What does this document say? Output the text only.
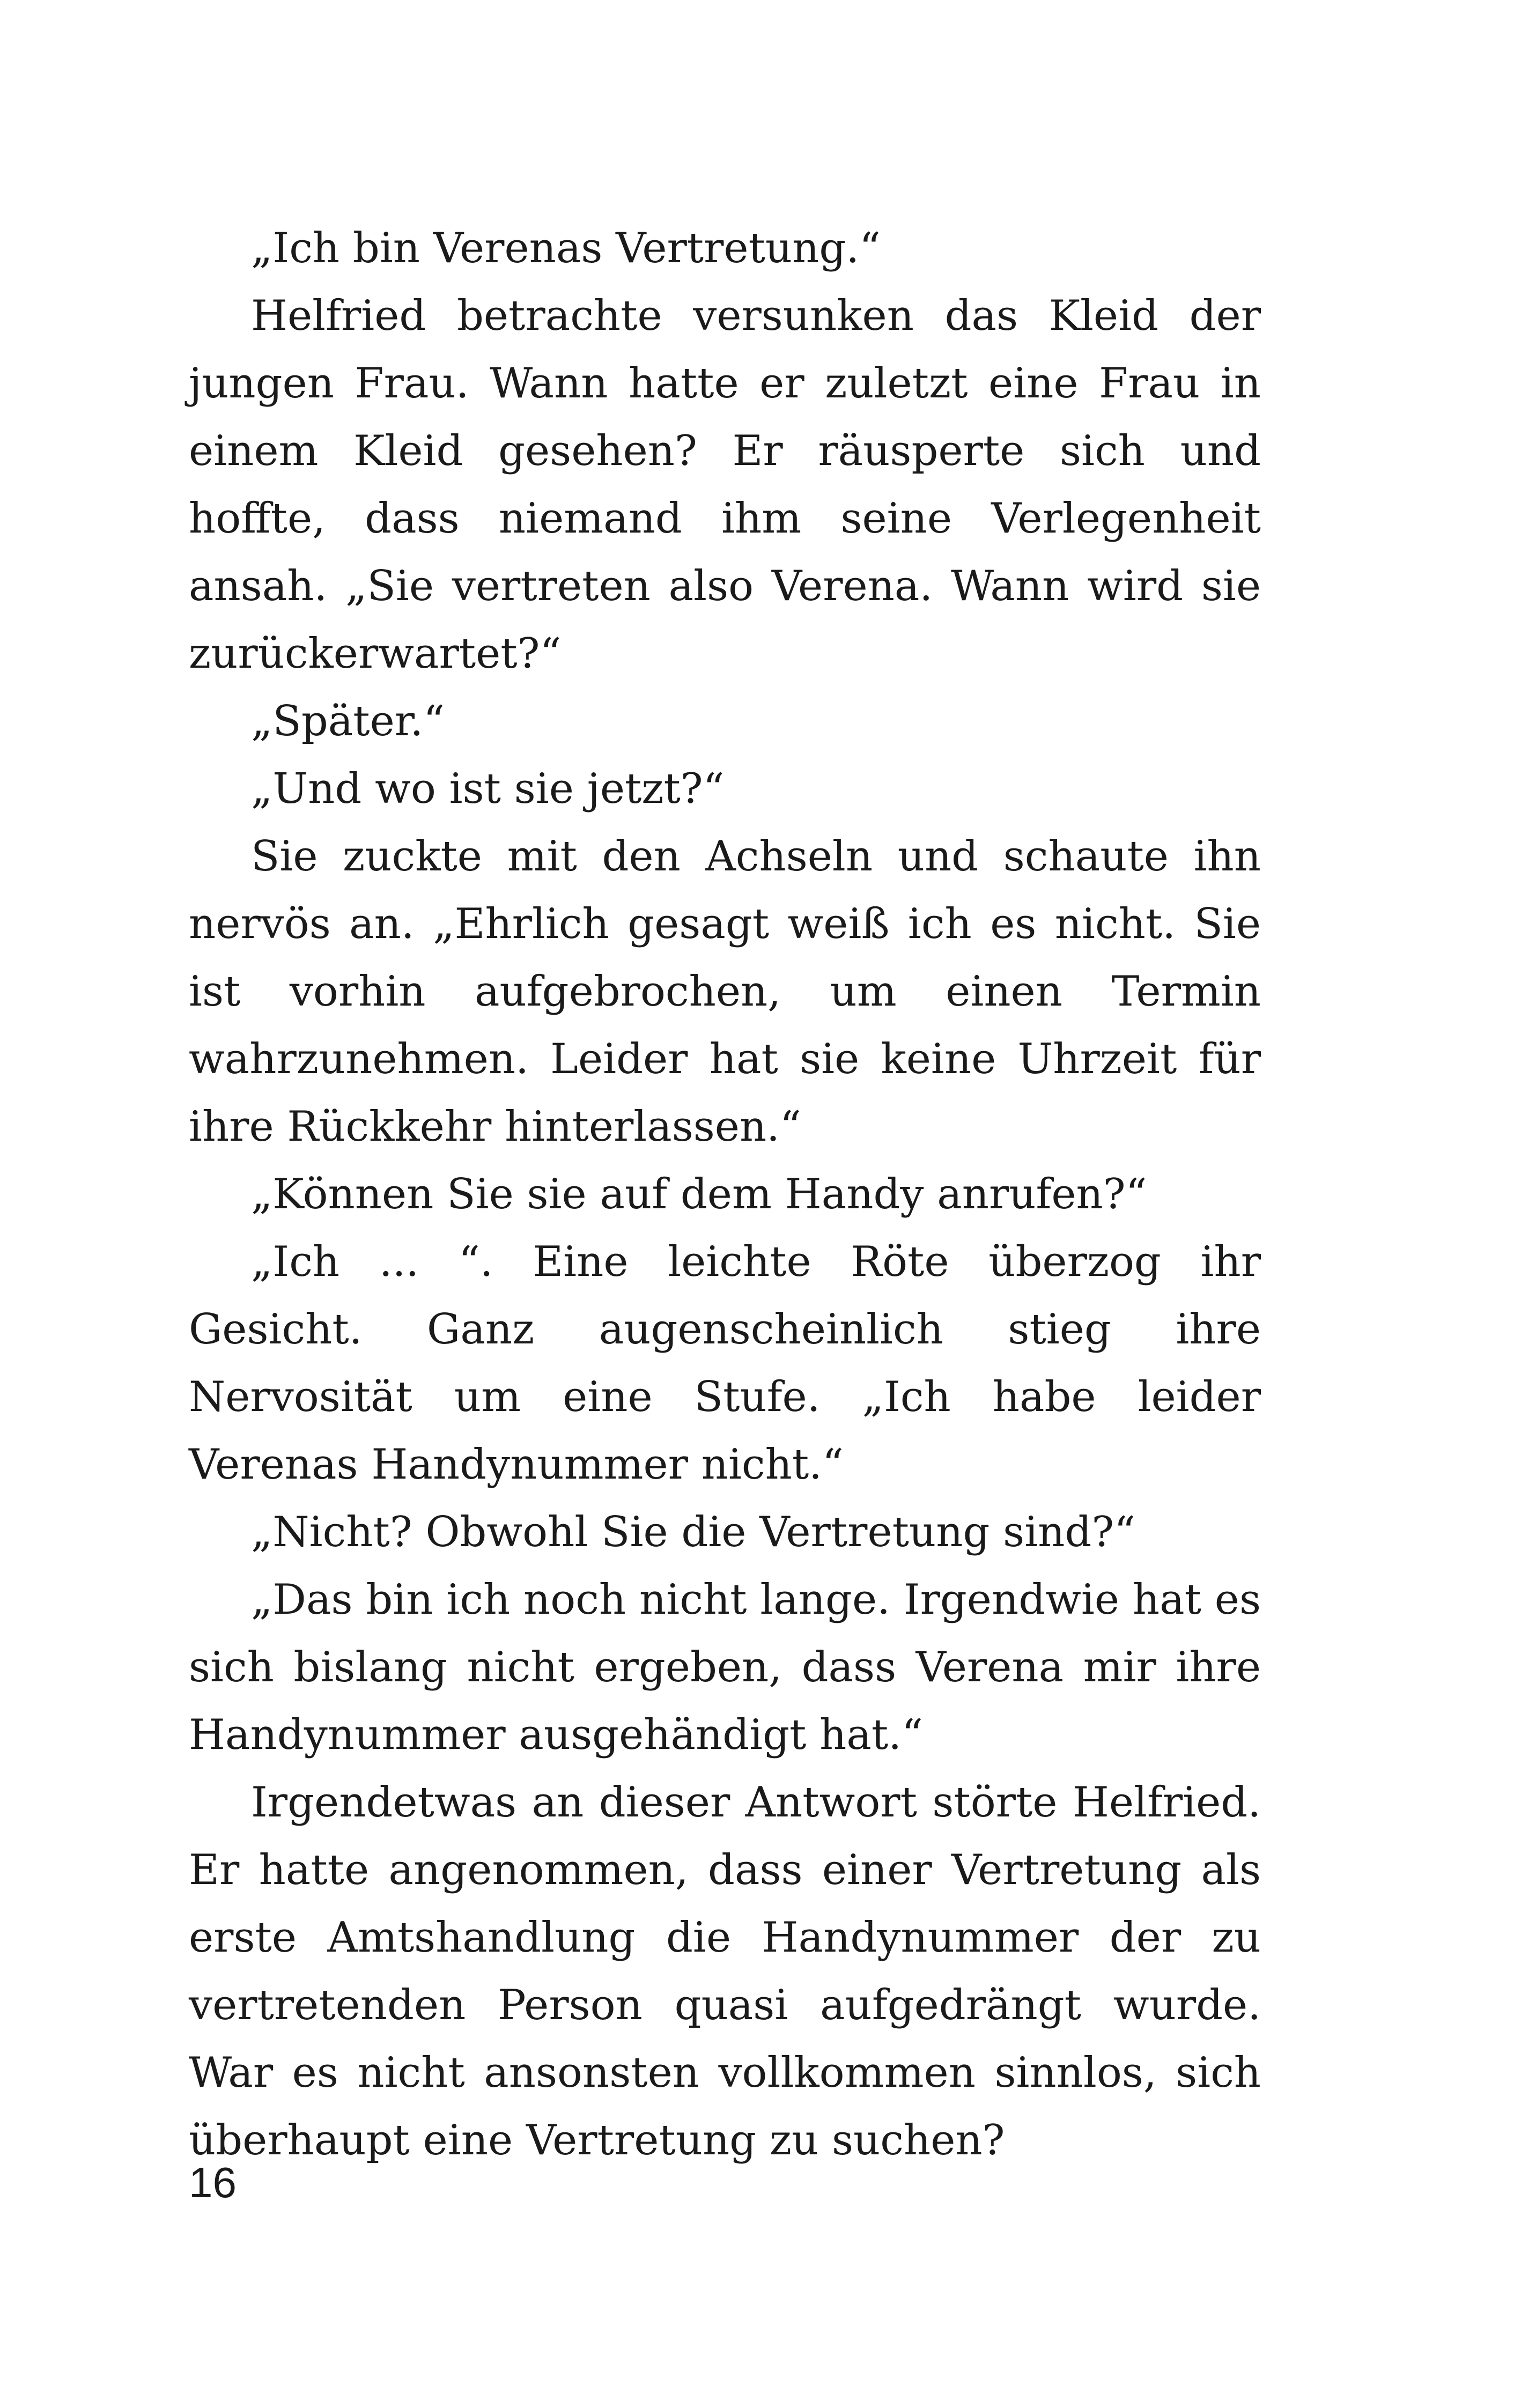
„Ich bin Verenas Vertretung.“

Helfried betrachte versunken das Kleid der jungen Frau. Wann hatte er zuletzt eine Frau in einem Kleid gesehen? Er räusperte sich und hoffte, dass niemand ihm seine Verlegenheit ansah. „Sie vertreten also Verena. Wann wird sie zurückerwartet?“

„Später.“

„Und wo ist sie jetzt?“

Sie zuckte mit den Achseln und schaute ihn nervös an. „Ehrlich gesagt weiß ich es nicht. Sie ist vorhin aufgebrochen, um einen Termin wahrzunehmen. Leider hat sie keine Uhrzeit für ihre Rückkehr hinterlassen.“

„Können Sie sie auf dem Handy anrufen?“

„Ich ... “. Eine leichte Röte überzog ihr Gesicht. Ganz augenscheinlich stieg ihre Nervosität um eine Stufe. „Ich habe leider Verenas Handynummer nicht.“

„Nicht? Obwohl Sie die Vertretung sind?“

„Das bin ich noch nicht lange. Irgendwie hat es sich bislang nicht ergeben, dass Verena mir ihre Handynummer ausgehändigt hat.“

Irgendetwas an dieser Antwort störte Helfried. Er hatte angenommen, dass einer Vertretung als erste Amtshandlung die Handynummer der zu vertretenden Person quasi aufgedrängt wurde. War es nicht ansonsten vollkommen sinnlos, sich überhaupt eine Vertretung zu suchen?

16
